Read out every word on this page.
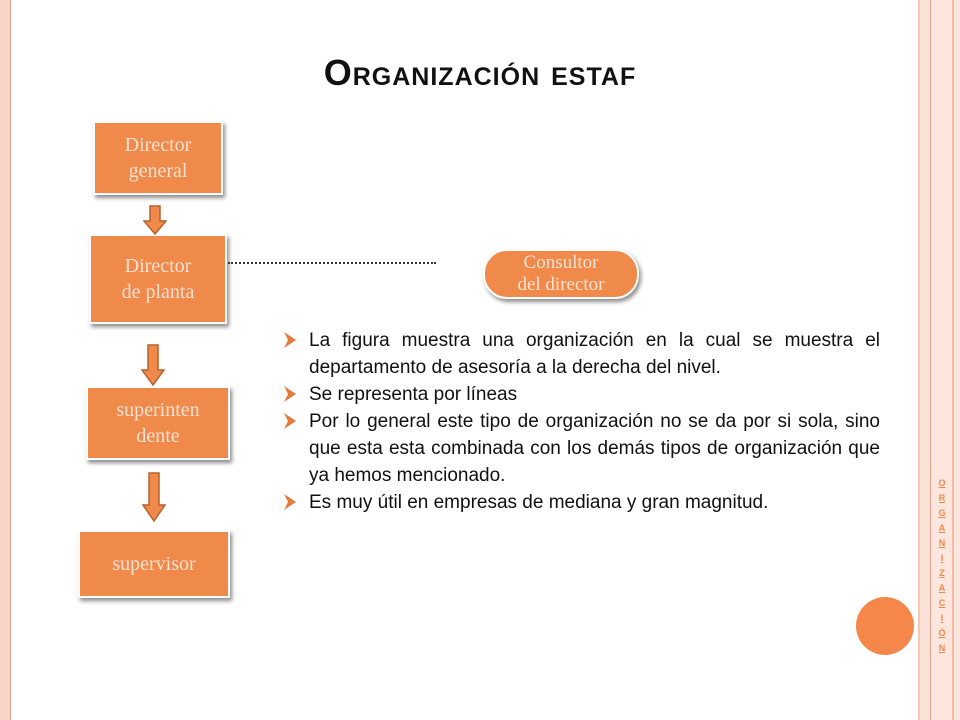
Organización estaf
Director
general
Director
de planta
superinten
dente
supervisor
Consultor
del director
La figura muestra una organización en la cual se muestra el departamento de asesoría a la derecha del nivel.
Se representa por líneas
Por lo general este tipo de organización no se da por si sola, sino que esta esta combinada con los demás tipos de organización que ya hemos mencionado.
Es muy útil en empresas de mediana y gran magnitud.
O
R
G
A
N
I
Z
A
C
I
Ó
N
